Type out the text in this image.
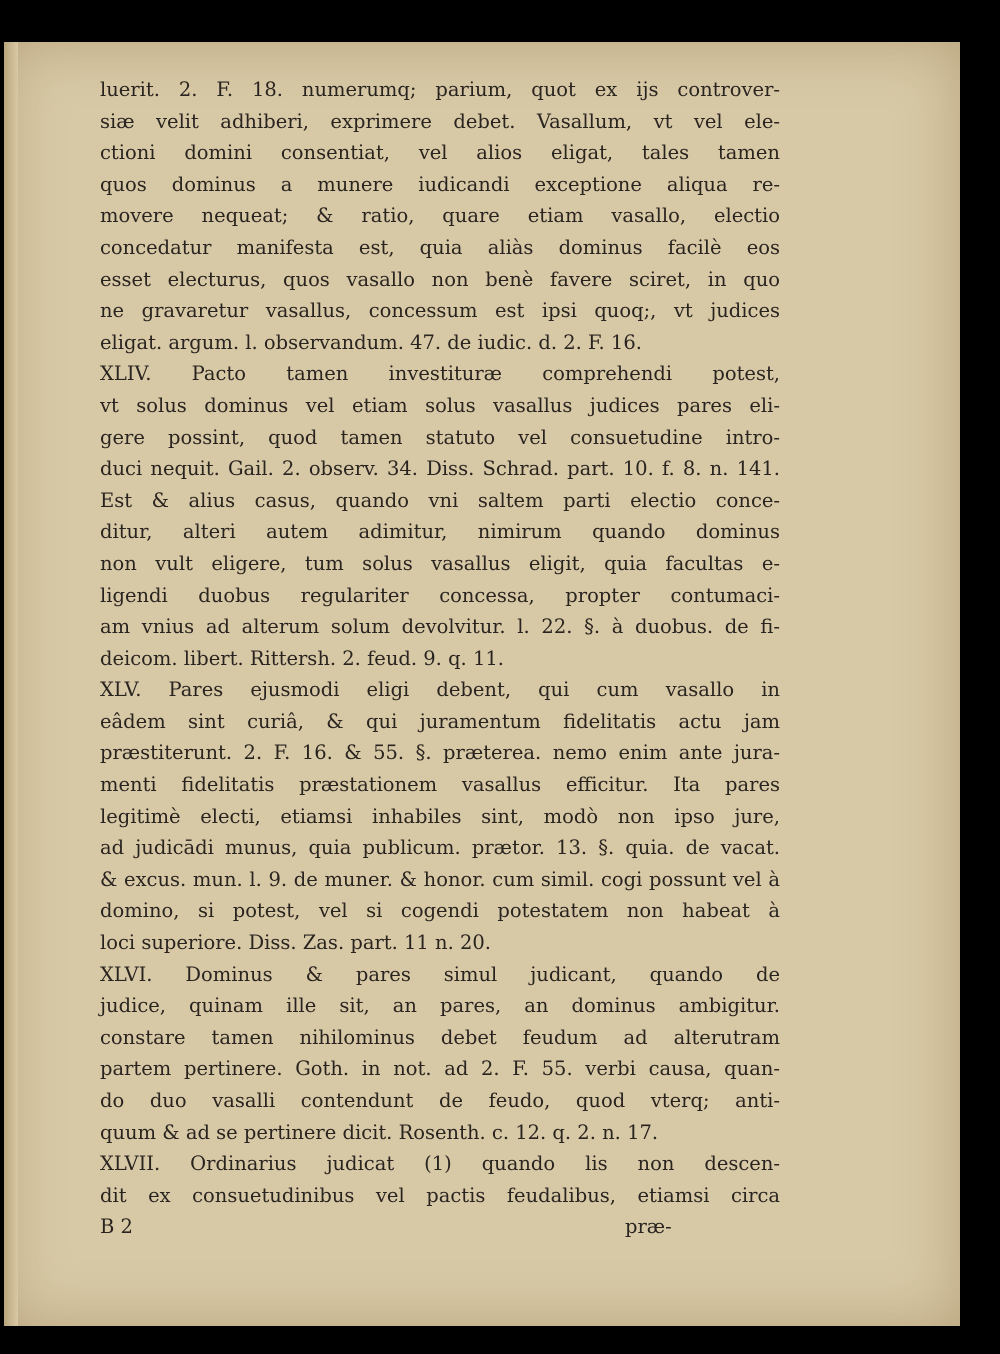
luerit. 2. F. 18. numerumq; parium, quot ex ijs controver-
siæ velit adhiberi, exprimere debet. Vasallum, vt vel ele-
ctioni domini consentiat, vel alios eligat, tales tamen
quos dominus a munere iudicandi exceptione aliqua re-
movere nequeat; & ratio, quare etiam vasallo, electio
concedatur manifesta est, quia aliàs dominus facilè eos
esset electurus, quos vasallo non benè favere sciret, in quo
ne gravaretur vasallus, concessum est ipsi quoq;, vt judices
eligat. argum. l. observandum. 47. de iudic. d. 2. F. 16.
XLIV. Pacto tamen investituræ comprehendi potest,
vt solus dominus vel etiam solus vasallus judices pares eli-
gere possint, quod tamen statuto vel consuetudine intro-
duci nequit. Gail. 2. observ. 34. Diss. Schrad. part. 10. f. 8. n. 141.
Est & alius casus, quando vni saltem parti electio conce-
ditur, alteri autem adimitur, nimirum quando dominus
non vult eligere, tum solus vasallus eligit, quia facultas e-
ligendi duobus regulariter concessa, propter contumaci-
am vnius ad alterum solum devolvitur. l. 22. §. à duobus. de fi-
deicom. libert. Rittersh. 2. feud. 9. q. 11.
XLV. Pares ejusmodi eligi debent, qui cum vasallo in
eâdem sint curiâ, & qui juramentum fidelitatis actu jam
præstiterunt. 2. F. 16. & 55. §. præterea. nemo enim ante jura-
menti fidelitatis præstationem vasallus efficitur. Ita pares
legitimè electi, etiamsi inhabiles sint, modò non ipso jure,
ad judicādi munus, quia publicum. prætor. 13. §. quia. de vacat.
& excus. mun. l. 9. de muner. & honor. cum simil. cogi possunt vel à
domino, si potest, vel si cogendi potestatem non habeat à
loci superiore. Diss. Zas. part. 11 n. 20.
XLVI. Dominus & pares simul judicant, quando de
judice, quinam ille sit, an pares, an dominus ambigitur.
constare tamen nihilominus debet feudum ad alterutram
partem pertinere. Goth. in not. ad 2. F. 55. verbi causa, quan-
do duo vasalli contendunt de feudo, quod vterq; anti-
quum & ad se pertinere dicit. Rosenth. c. 12. q. 2. n. 17.
XLVII. Ordinarius judicat (1) quando lis non descen-
dit ex consuetudinibus vel pactis feudalibus, etiamsi circa
B 2	præ-
